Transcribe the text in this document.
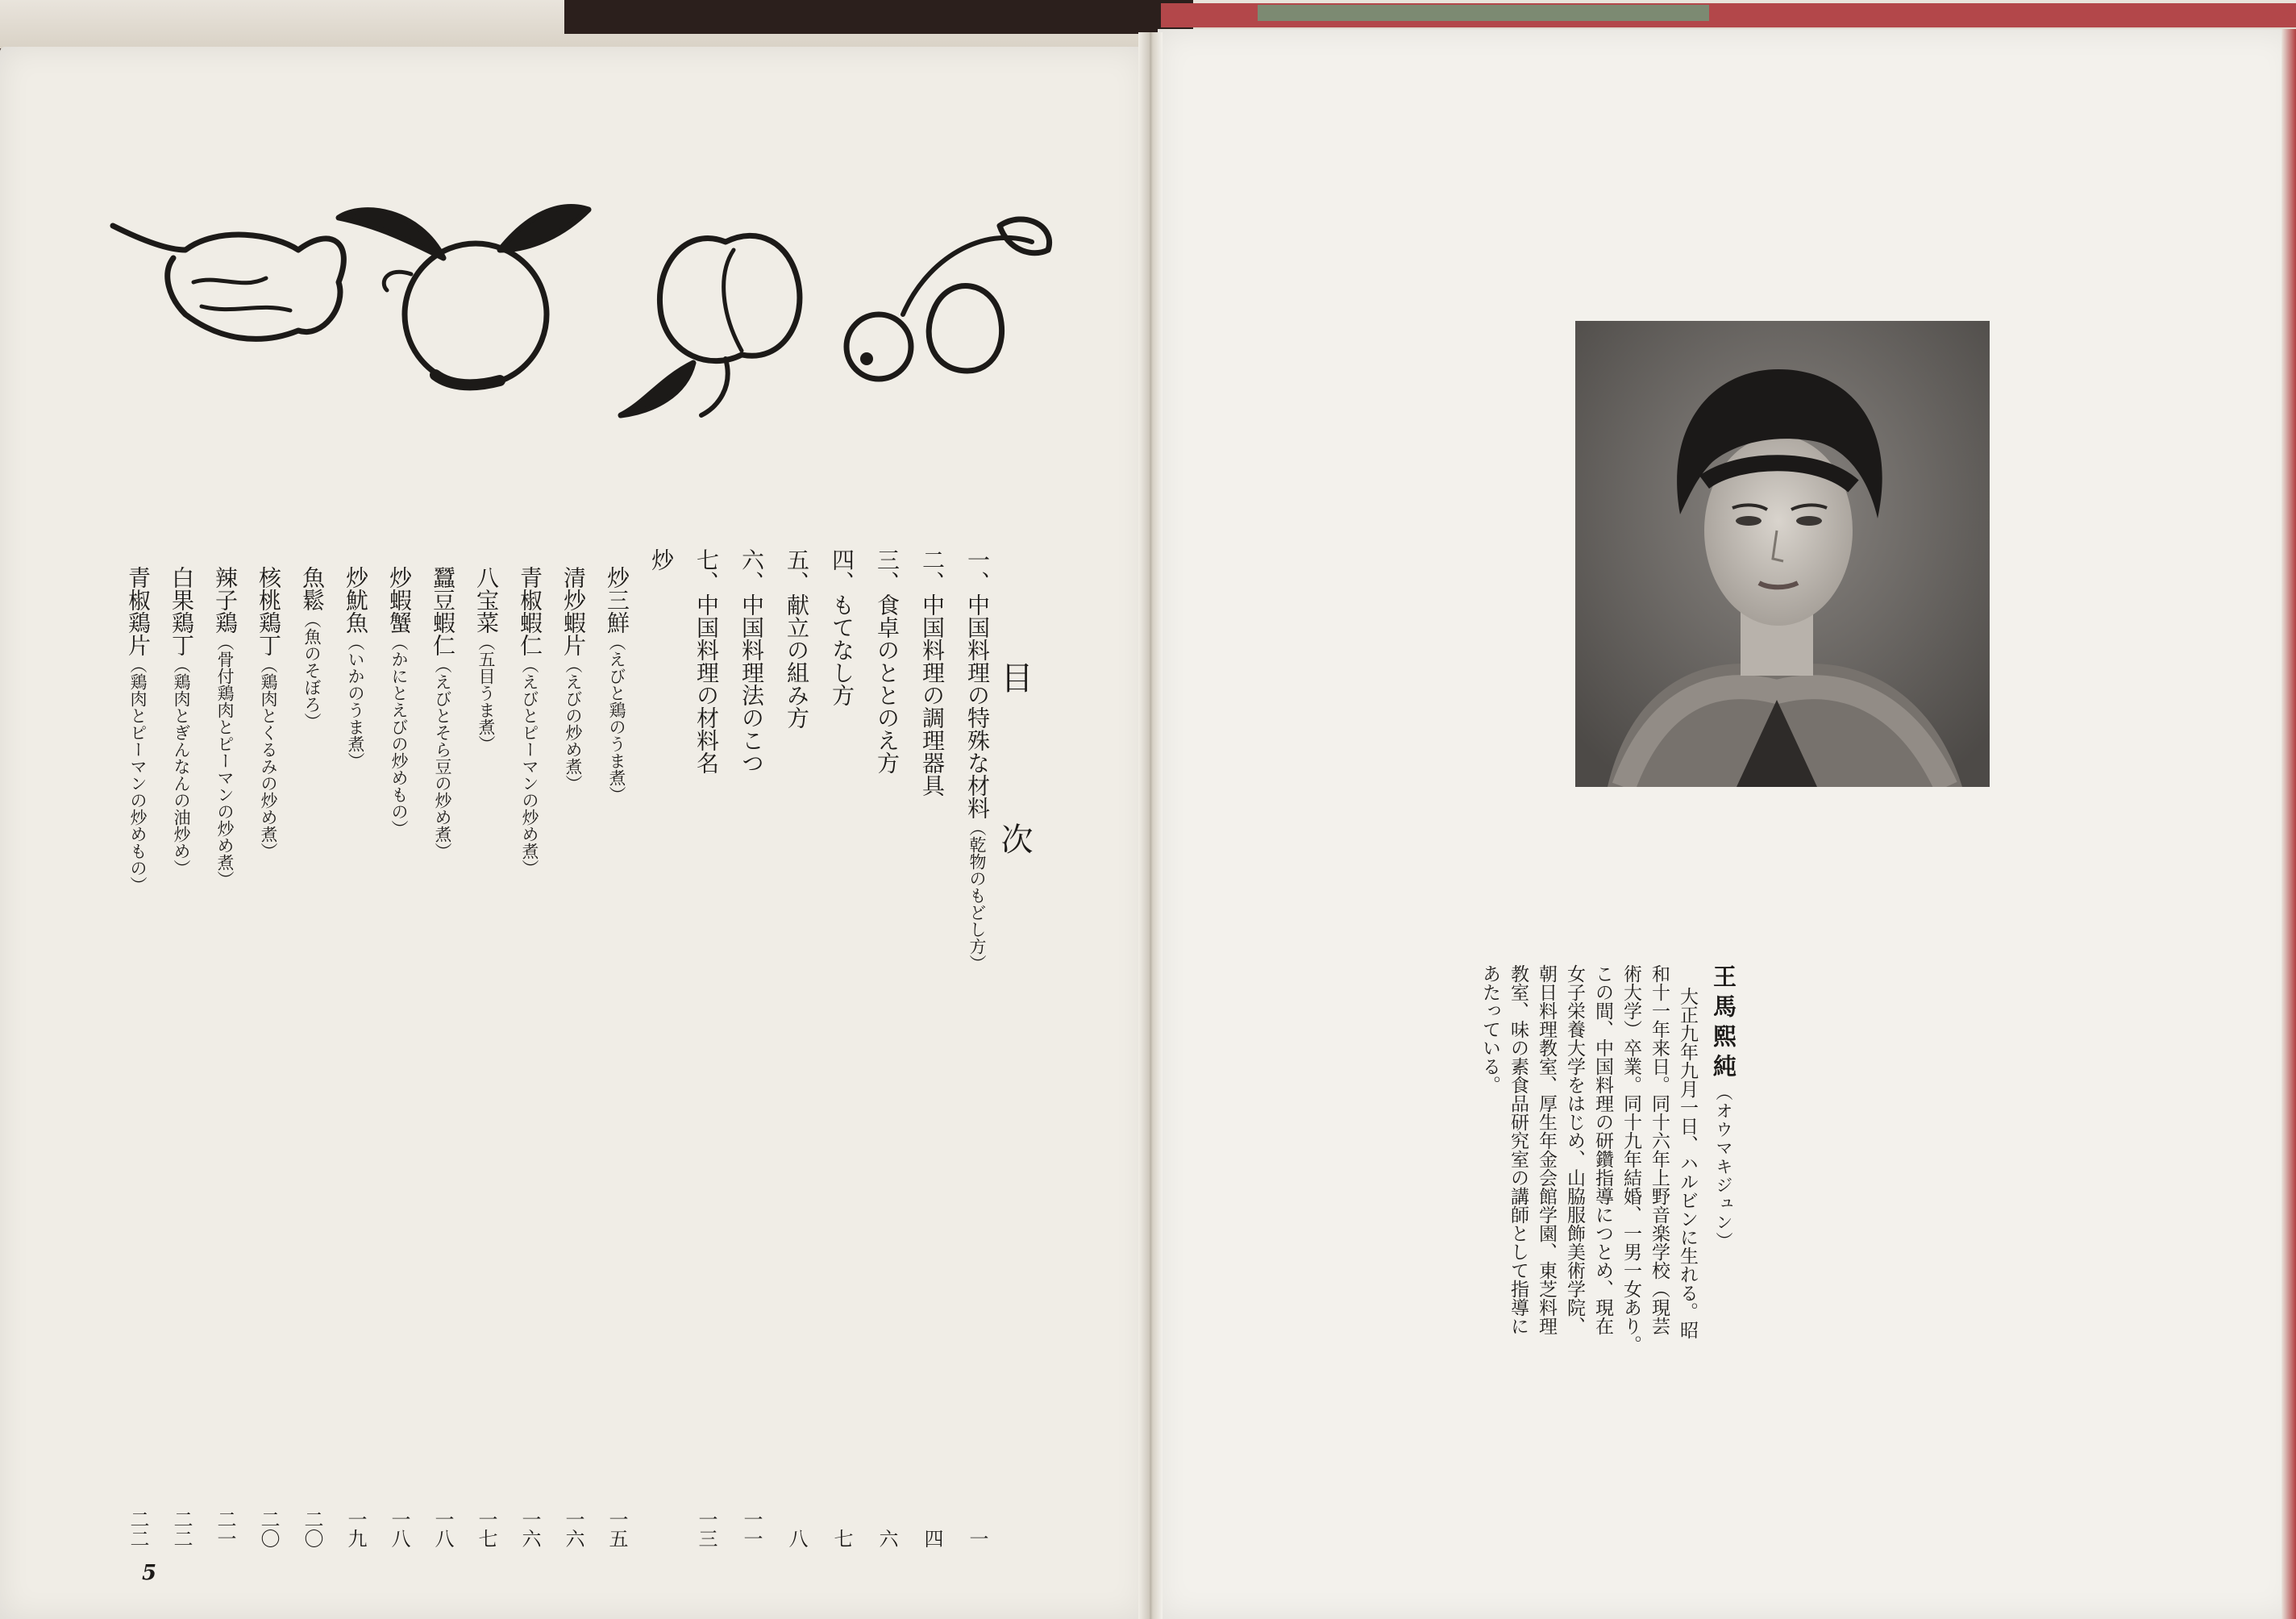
目　次
一、中国料理の特殊な材料
（乾物のもどし方）
一
二、中国料理の調理器具
四
三、食卓のととのえ方
六
四、もてなし方
七
五、献立の組み方
八
六、中国料理法のこつ
一一
七、中国料理の材料名
一三
炒
炒三鮮
（えびと鶏のうま煮）
一五
清炒蝦片
（えびの炒め煮）
一六
青椒蝦仁
（えびとピーマンの炒め煮）
一六
八宝菜
（五目うま煮）
一七
蠶豆蝦仁
（えびとそら豆の炒め煮）
一八
炒蝦蟹
（かにとえびの炒めもの）
一八
炒魷魚
（いかのうま煮）
一九
魚鬆
（魚のそぼろ）
二〇
核桃鶏丁
（鶏肉とくるみの炒め煮）
二〇
辣子鶏
（骨付鶏肉とピーマンの炒め煮）
二一
白果鶏丁
（鶏肉とぎんなんの油炒め）
二二
青椒鶏片
（鶏肉とピーマンの炒めもの）
二二
5
王馬熙純（オウマキジュン）
大正九年九月一日、ハルビンに生れる。昭
和十一年来日。同十六年上野音楽学校（現芸
術大学）卒業。同十九年結婚、一男一女あり。
この間、中国料理の研鑽指導につとめ、現在
女子栄養大学をはじめ、山脇服飾美術学院、
朝日料理教室、厚生年金会館学園、東芝料理
教室、味の素食品研究室の講師として指導に
あたっている。
